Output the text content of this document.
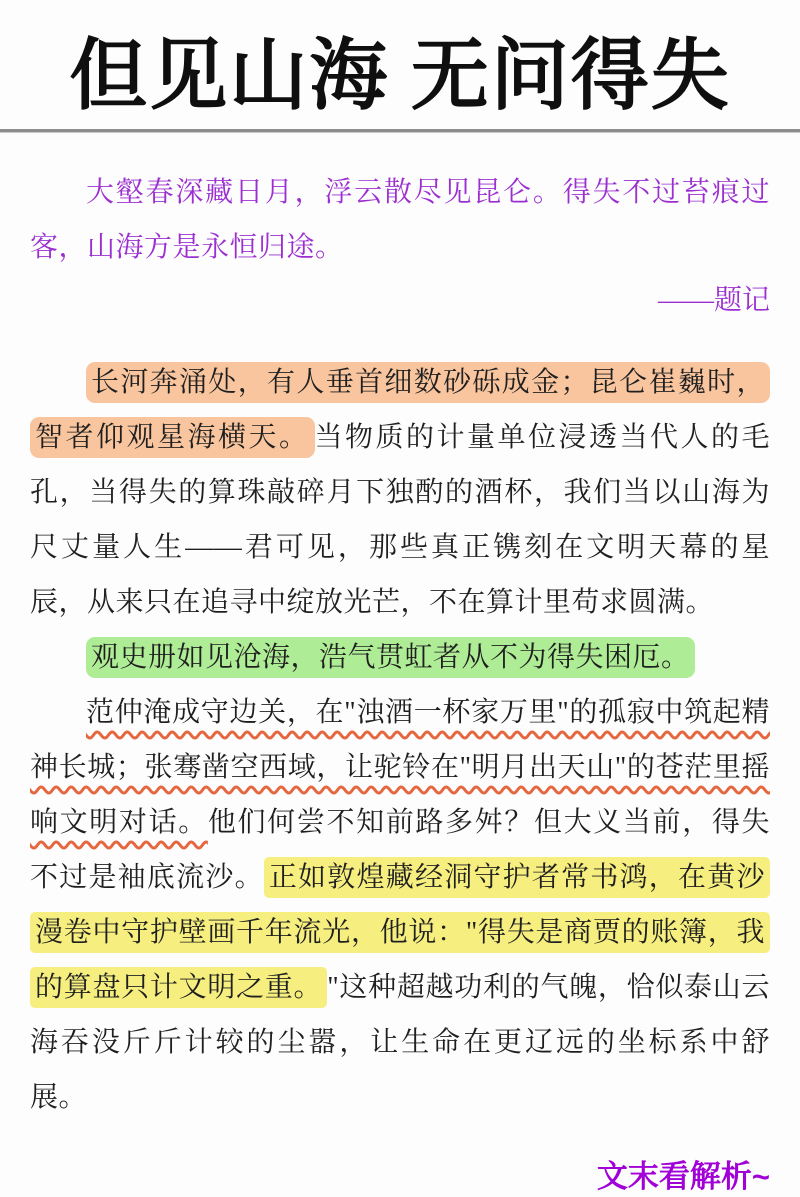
但见山海 无问得失

大壑春深藏日月，浮云散尽见昆仑。得失不过苔痕过客，山海方是永恒归途。

——题记

长河奔涌处，有人垂首细数砂砾成金；昆仑崔巍时，智者仰观星海横天。 当物质的计量单位浸透当代人的毛孔，当得失的算珠敲碎月下独酌的酒杯，我们当以山海为尺丈量人生——君可见，那些真正镌刻在文明天幕的星辰，从来只在追寻中绽放光芒，不在算计里苟求圆满。

观史册如见沧海，浩气贯虹者从不为得失困厄。

范仲淹成守边关，在"浊酒一杯家万里"的孤寂中筑起精神长城；张骞凿空西域，让驼铃在"明月出天山"的苍茫里摇响文明对话。他们何尝不知前路多舛？但大义当前，得失不过是袖底流沙。 正如敦煌藏经洞守护者常书鸿，在黄沙漫卷中守护壁画千年流光，他说："得失是商贾的账簿，我的算盘只计文明之重。 "这种超越功利的气魄，恰似泰山云海吞没斤斤计较的尘嚣，让生命在更辽远的坐标系中舒展。

文末看解析~
